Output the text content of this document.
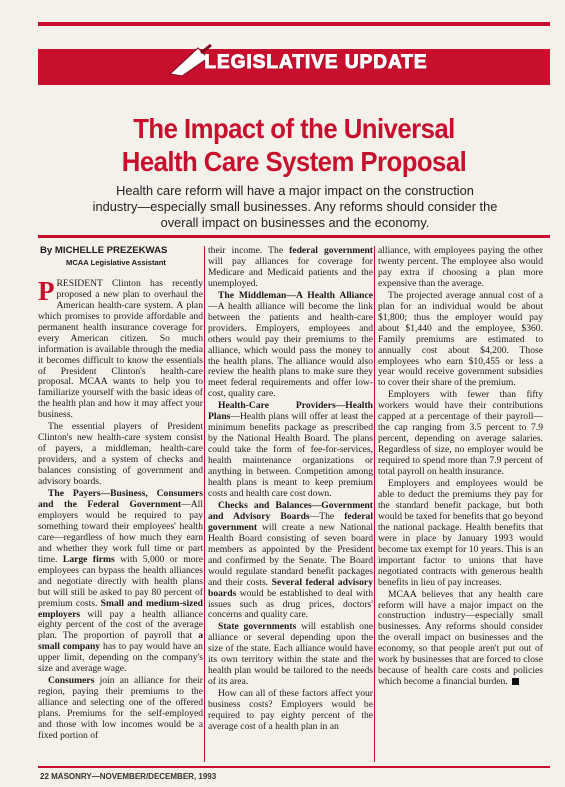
LEGISLATIVE UPDATE
The Impact of the Universal
Health Care System Proposal
Health care reform will have a major impact on the construction
industry—especially small businesses. Any reforms should consider the
overall impact on businesses and the economy.
By MICHELLE PREZEKWAS
MCAA Legislative Assistant

PRESIDENT Clinton has recently proposed a new plan to overhaul the American health-care system. A plan which promises to provide affordable and permanent health insurance coverage for every American citizen. So much information is available through the media it becomes difficult to know the essentials of President Clinton's health-care proposal. MCAA wants to help you to familiarize yourself with the basic ideas of the health plan and how it may affect your business.

The essential players of President Clinton's new health-care system consist of payers, a middleman, health-care providers, and a system of checks and balances consisting of government and advisory boards.

The Payers—Business, Consumers and the Federal Government—All employers would be required to pay something toward their employees' health care—regardless of how much they earn and whether they work full time or part time. Large firms with 5,000 or more employees can bypass the health alliances and negotiate directly with health plans but will still be asked to pay 80 percent of premium costs. Small and medium-sized employers will pay a health alliance eighty percent of the cost of the average plan. The proportion of payroll that a small company has to pay would have an upper limit, depending on the company's size and average wage.

Consumers join an alliance for their region, paying their premiums to the alliance and selecting one of the offered plans. Premiums for the self-employed and those with low incomes would be a fixed portion of

their income. The federal government will pay alliances for coverage for Medicare and Medicaid patients and the unemployed.

The Middleman—A Health Alliance—A health alliance will become the link between the patients and health-care providers. Employers, employees and others would pay their premiums to the alliance, which would pass the money to the health plans. The alliance would also review the health plans to make sure they meet federal requirements and offer low-cost, quality care.

Health-Care Providers—Health Plans—Health plans will offer at least the minimum benefits package as prescribed by the National Health Board. The plans could take the form of fee-for-services, health maintenance organizations or anything in between. Competition among health plans is meant to keep premium costs and health care cost down.

Checks and Balances—Government and Advisory Boards—The federal government will create a new National Health Board consisting of seven board members as appointed by the President and confirmed by the Senate. The Board would regulate standard benefit packages and their costs. Several federal advisory boards would be established to deal with issues such as drug prices, doctors' concerns and quality care.

State governments will establish one alliance or several depending upon the size of the state. Each alliance would have its own territory within the state and the health plan would be tailored to the needs of its area.

How can all of these factors affect your business costs? Employers would be required to pay eighty percent of the average cost of a health plan in an

alliance, with employees paying the other twenty percent. The employee also would pay extra if choosing a plan more expensive than the average.

The projected average annual cost of a plan for an individual would be about $1,800; thus the employer would pay about $1,440 and the employee, $360. Family premiums are estimated to annually cost about $4,200. Those employees who earn $10,455 or less a year would receive government subsidies to cover their share of the premium.

Employers with fewer than fifty workers would have their contributions capped at a percentage of their payroll—the cap ranging from 3.5 percent to 7.9 percent, depending on average salaries. Regardless of size, no employer would be required to spend more than 7.9 percent of total payroll on health insurance.

Employers and employees would be able to deduct the premiums they pay for the standard benefit package, but both would be taxed for benefits that go beyond the national package. Health benefits that were in place by January 1993 would become tax exempt for 10 years. This is an important factor to unions that have negotiated contracts with generous health benefits in lieu of pay increases.

MCAA believes that any health care reform will have a major impact on the construction industry—especially small businesses. Any reforms should consider the overall impact on businesses and the economy, so that people aren't put out of work by businesses that are forced to close because of health care costs and policies which become a financial burden.

22 MASONRY—NOVEMBER/DECEMBER, 1993
